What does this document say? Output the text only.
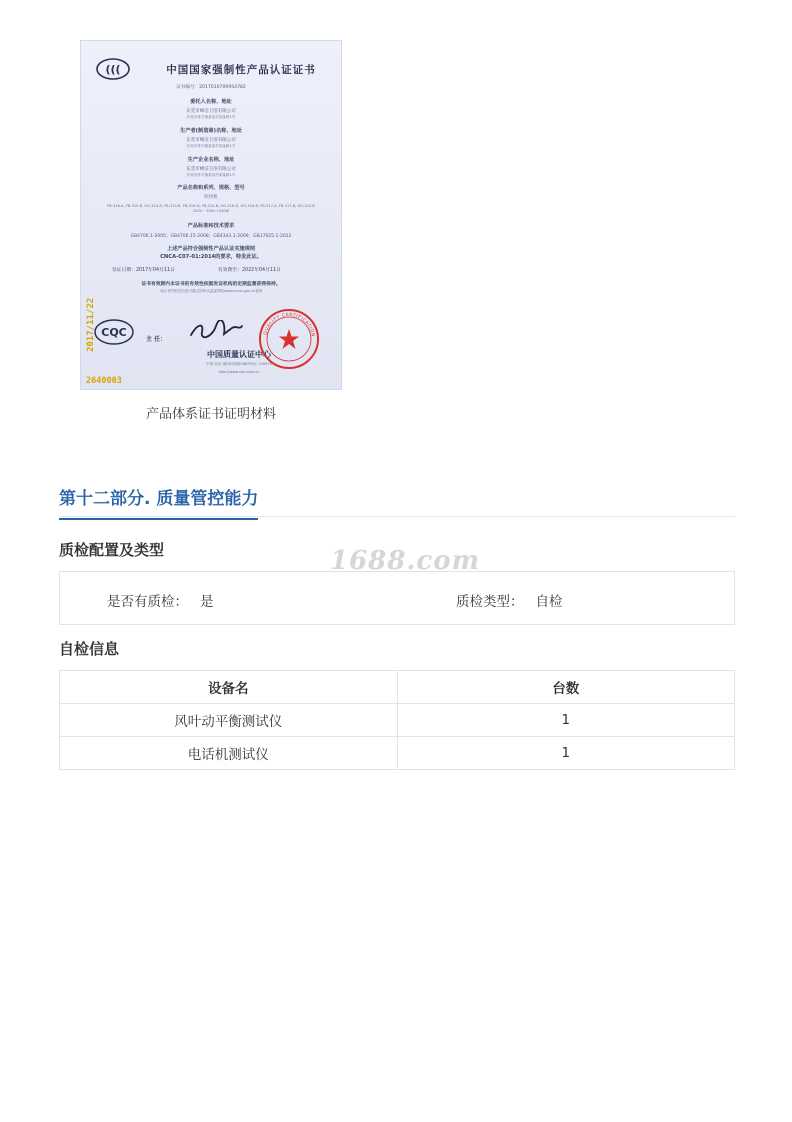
(((	中国国家强制性产品认证证书
证书编号：2017010709954782
委托人名称、地址
东莞市峰洁卫浴有限公司
东莞市常平镇某某村某某路1号
生产者(制造商)名称、地址
东莞市峰洁卫浴有限公司
东莞市常平镇某某村某某路1号
生产企业名称、地址
东莞市峰洁卫浴有限公司
东莞市常平镇某某村某某路1号
产品名称和系列、规格、型号
吹风机
FB-316-A, FB-319-B, HO-314-A, FB-314-B, FB-319-D, FB-315-B, HO-316-D, HO-316-B, FB-317-A, FB-317-B, HO-310-B 220V~ 50Hz 1200W
产品标准和技术要求
GB4706.1-2005；GB4706.15-2008；GB4343.1-2009；GB17625.1-2012
上述产品符合强制性产品认证实施规则
CNCA-C07-01:2014的要求，特发此证。
发证日期：2017年04月11日	有效期至：2022年04月11日
证书有效期内本证书的有效性依据发证机构的定期监督获得保持。
本证书的相关信息可通过国家认监委网站www.cnca.gov.cn查询
CQC
主 任：
中国质量认证中心
中国·北京·南四环西路188号9区 100070
http://www.cqc.com.cn
QUALITY CERTIFICATION
2017/11/22
2640003
产品体系证书证明材料
1688.com
第十二部分. 质量管控能力
质检配置及类型
是否有质检： 是	质检类型： 自检
自检信息
设备名	台数
风叶动平衡测试仪	1
电话机测试仪	1
